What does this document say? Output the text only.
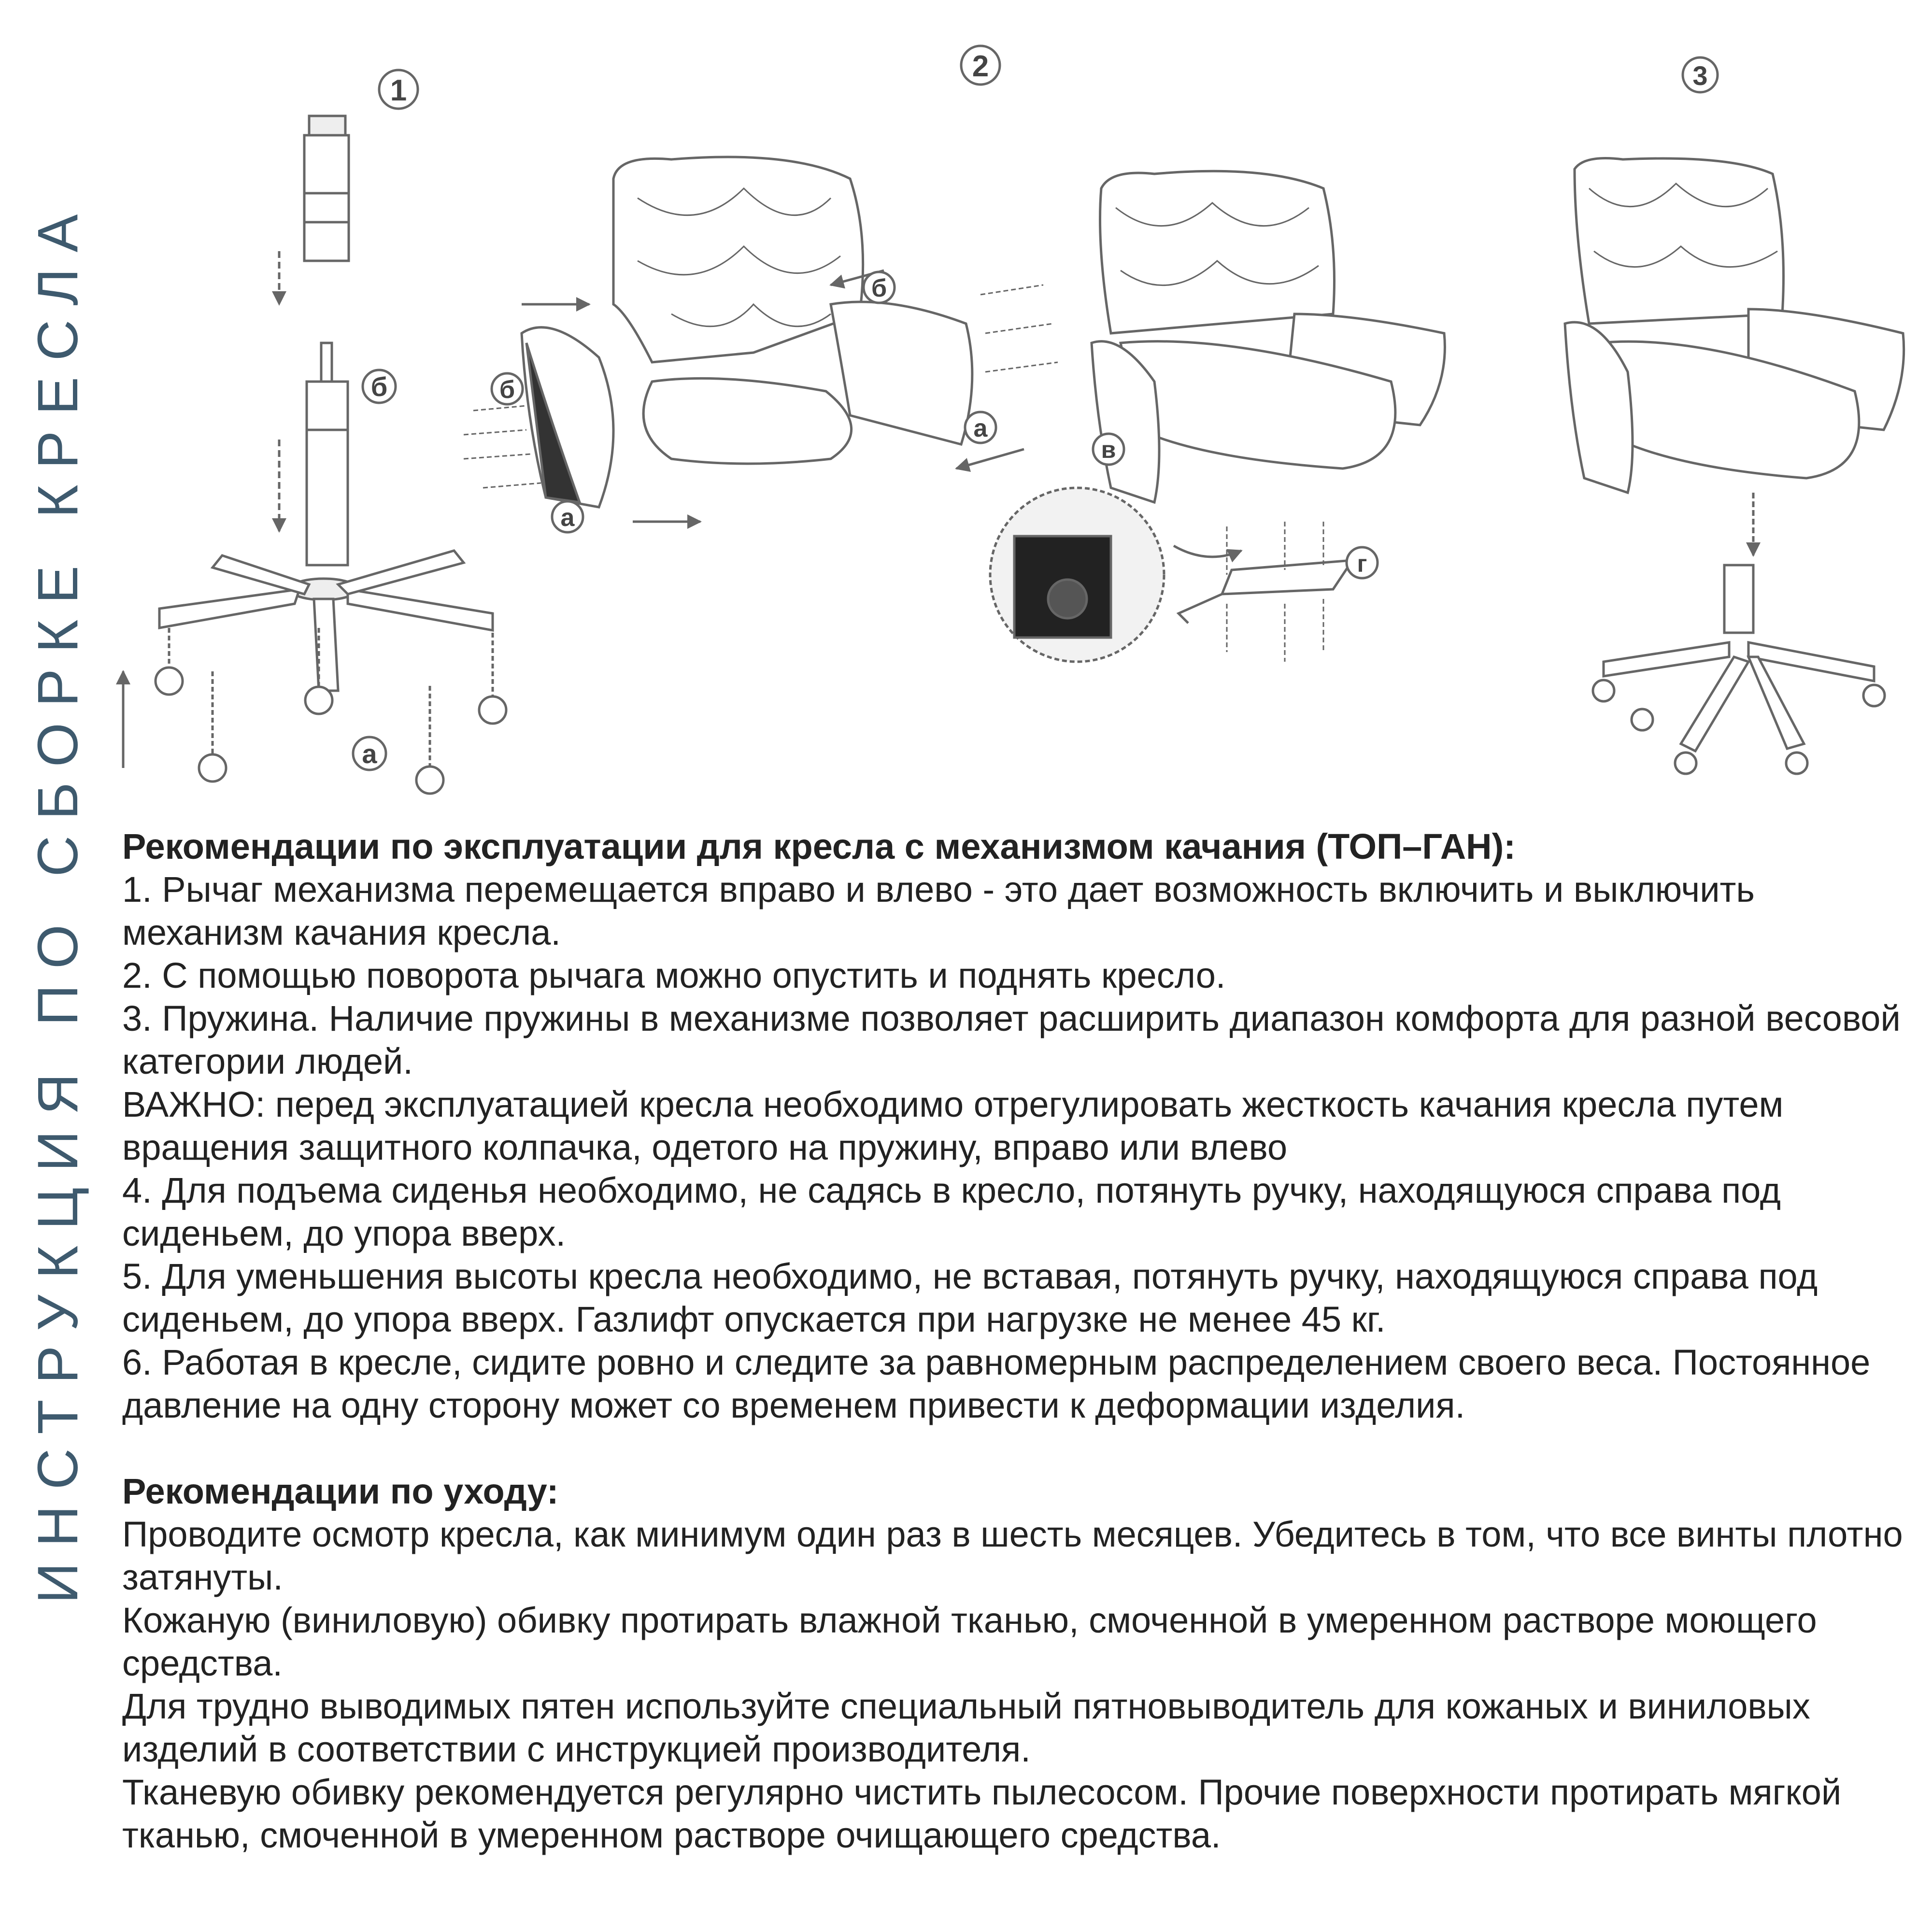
ИНСТРУКЦИЯ ПО СБОРКЕ КРЕСЛА
1
б
а
2
б
а
б
а
в
г
3
Рекомендации по эксплуатации для кресла с механизмом качания (ТОП–ГАН):

1. Рычаг механизма перемещается вправо и влево - это дает возможность включить и выключить механизм качания кресла.

2. С помощью поворота рычага можно опустить и поднять кресло.

3. Пружина. Наличие пружины в механизме позволяет расширить диапазон комфорта для разной весовой категории людей.

ВАЖНО: перед эксплуатацией кресла необходимо отрегулировать жесткость качания кресла путем вращения защитного колпачка, одетого на пружину, вправо или влево

4. Для подъема сиденья необходимо, не садясь в кресло, потянуть ручку, находящуюся справа под сиденьем, до упора вверх.

5. Для уменьшения высоты кресла необходимо, не вставая, потянуть ручку, находящуюся справа под сиденьем, до упора вверх. Газлифт опускается при нагрузке не менее 45 кг.

6. Работая в кресле, сидите ровно и следите за равномерным распределением своего веса. Постоянное давление на одну сторону может со временем привести к деформации изделия.

Рекомендации по уходу:

Проводите осмотр кресла, как минимум один раз в шесть месяцев. Убедитесь в том, что все винты плотно затянуты.

Кожаную (виниловую) обивку протирать влажной тканью, смоченной в умеренном растворе моющего средства.

Для трудно выводимых пятен используйте специальный пятновыводитель для кожаных и виниловых изделий в соответствии с инструкцией производителя.

Тканевую обивку рекомендуется регулярно чистить пылесосом. Прочие поверхности протирать мягкой тканью, смоченной в умеренном растворе очищающего средства.
